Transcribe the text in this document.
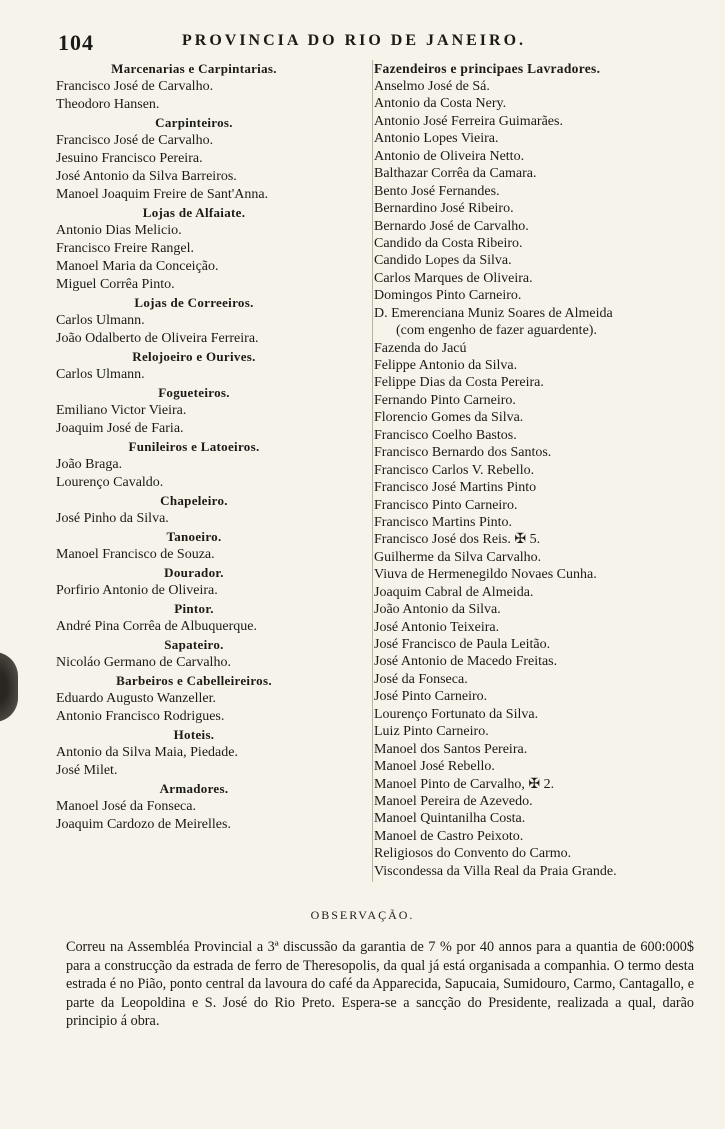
104	PROVINCIA DO RIO DE JANEIRO.
Marcenarias e Carpintarias.
Francisco José de Carvalho.
Theodoro Hansen.
Carpinteiros.
Francisco José de Carvalho.
Jesuino Francisco Pereira.
José Antonio da Silva Barreiros.
Manoel Joaquim Freire de Sant'Anna.
Lojas de Alfaiate.
Antonio Dias Melicio.
Francisco Freire Rangel.
Manoel Maria da Conceição.
Miguel Corrêa Pinto.
Lojas de Correeiros.
Carlos Ulmann.
João Odalberto de Oliveira Ferreira.
Relojoeiro e Ourives.
Carlos Ulmann.
Fogueteiros.
Emiliano Victor Vieira.
Joaquim José de Faria.
Funileiros e Latoeiros.
João Braga.
Lourenço Cavaldo.
Chapeleiro.
José Pinho da Silva.
Tanoeiro.
Manoel Francisco de Souza.
Dourador.
Porfirio Antonio de Oliveira.
Pintor.
André Pina Corrêa de Albuquerque.
Sapateiro.
Nicoláo Germano de Carvalho.
Barbeiros e Cabelleireiros.
Eduardo Augusto Wanzeller.
Antonio Francisco Rodrigues.
Hoteis.
Antonio da Silva Maia, Piedade.
José Milet.
Armadores.
Manoel José da Fonseca.
Joaquim Cardozo de Meirelles.
Fazendeiros e principaes Lavradores.
Anselmo José de Sá.
Antonio da Costa Nery.
Antonio José Ferreira Guimarães.
Antonio Lopes Vieira.
Antonio de Oliveira Netto.
Balthazar Corrêa da Camara.
Bento José Fernandes.
Bernardino José Ribeiro.
Bernardo José de Carvalho.
Candido da Costa Ribeiro.
Candido Lopes da Silva.
Carlos Marques de Oliveira.
Domingos Pinto Carneiro.
D. Emerenciana Muniz Soares de Almeida
(com engenho de fazer aguardente).
Fazenda do Jacú
Felippe Antonio da Silva.
Felippe Dias da Costa Pereira.
Fernando Pinto Carneiro.
Florencio Gomes da Silva.
Francisco Coelho Bastos.
Francisco Bernardo dos Santos.
Francisco Carlos V. Rebello.
Francisco José Martins Pinto
Francisco Pinto Carneiro.
Francisco Martins Pinto.
Francisco José dos Reis. ✠ 5.
Guilherme da Silva Carvalho.
Viuva de Hermenegildo Novaes Cunha.
Joaquim Cabral de Almeida.
João Antonio da Silva.
José Antonio Teixeira.
José Francisco de Paula Leitão.
José Antonio de Macedo Freitas.
José da Fonseca.
José Pinto Carneiro.
Lourenço Fortunato da Silva.
Luiz Pinto Carneiro.
Manoel dos Santos Pereira.
Manoel José Rebello.
Manoel Pinto de Carvalho, ✠ 2.
Manoel Pereira de Azevedo.
Manoel Quintanilha Costa.
Manoel de Castro Peixoto.
Religiosos do Convento do Carmo.
Viscondessa da Villa Real da Praia Grande.
OBSERVAÇÃO.
Correu na Assembléa Provincial a 3ª discussão da garantia de 7 % por 40 annos para a quantia de 600:000$ para a construcção da estrada de ferro de Theresopolis, da qual já está organisada a companhia. O termo desta estrada é no Pião, ponto central da lavoura do café da Apparecida, Sapucaia, Sumidouro, Carmo, Cantagallo, e parte da Leopoldina e S. José do Rio Preto. Espera-se a sancção do Presidente, realizada a qual, darão principio á obra.
